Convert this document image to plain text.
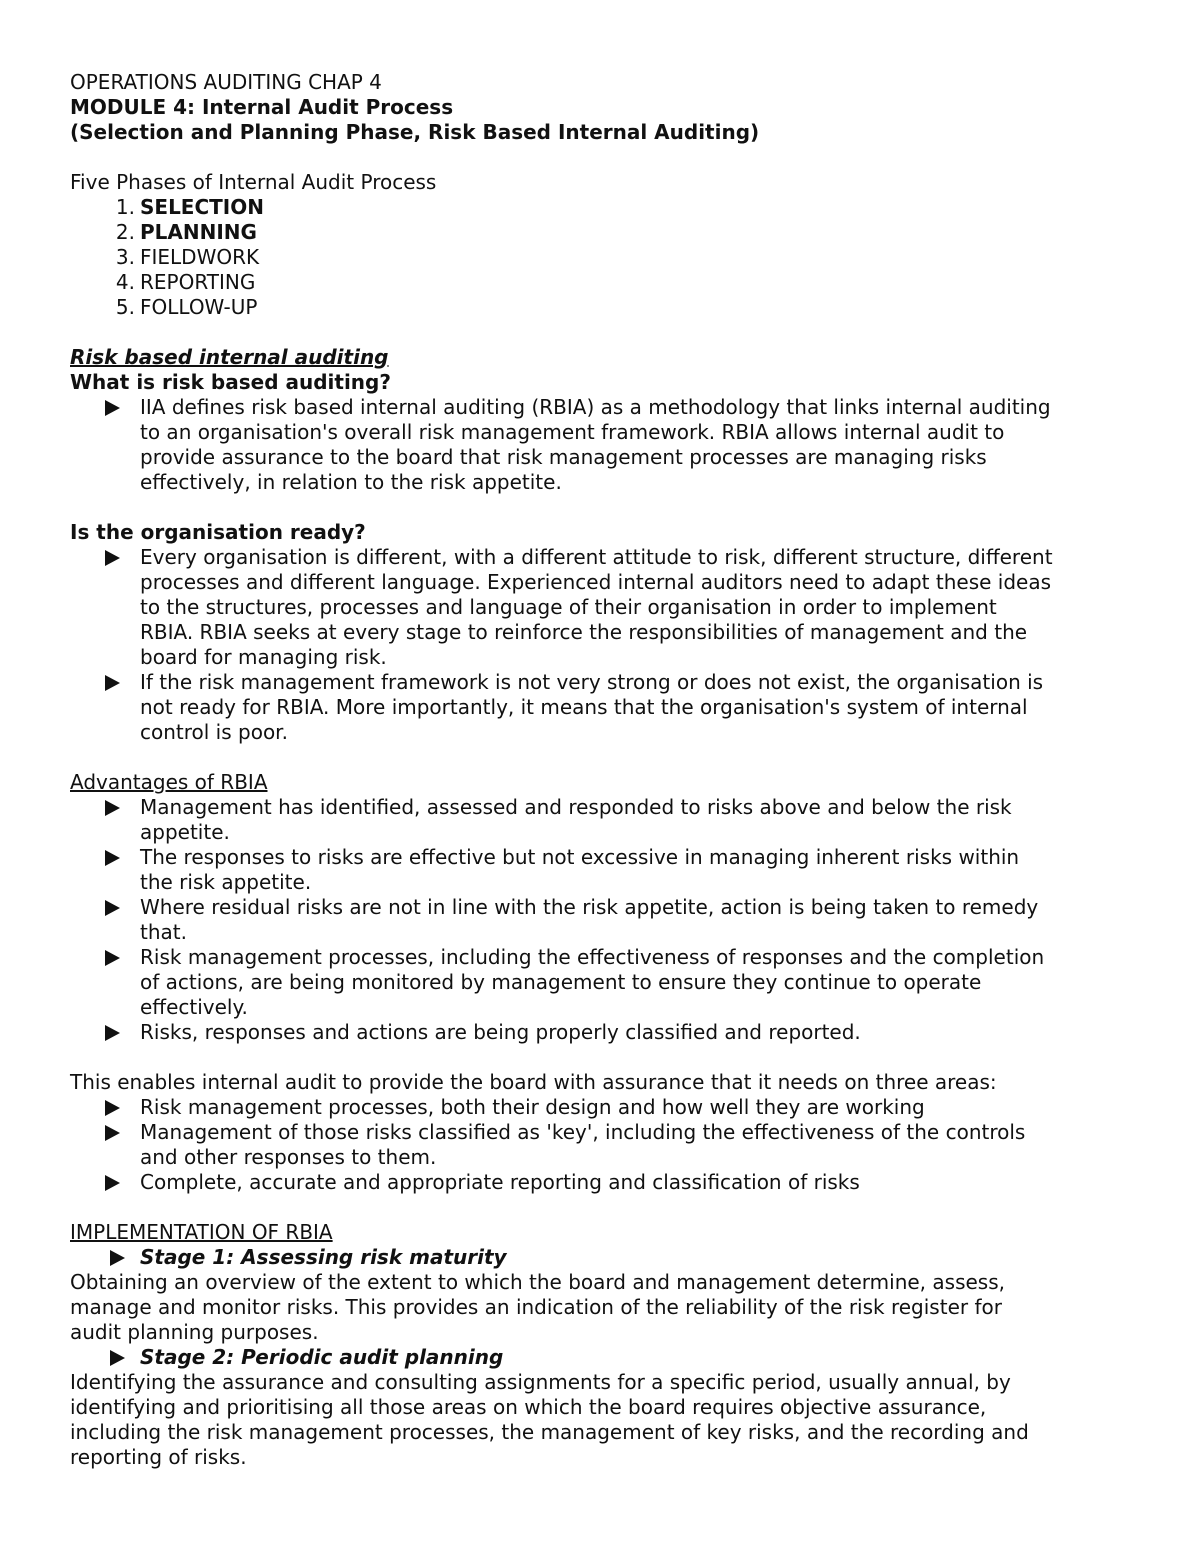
OPERATIONS AUDITING CHAP 4

MODULE 4: Internal Audit Process

(Selection and Planning Phase, Risk Based Internal Auditing)

Five Phases of Internal Audit Process

1. SELECTION
2. PLANNING
3. FIELDWORK
4. REPORTING
5. FOLLOW-UP

Risk based internal auditing

What is risk based auditing?

IIA defines risk based internal auditing (RBIA) as a methodology that links internal auditing
to an organisation's overall risk management framework. RBIA allows internal audit to
provide assurance to the board that risk management processes are managing risks
effectively, in relation to the risk appetite.

Is the organisation ready?

Every organisation is different, with a different attitude to risk, different structure, different
processes and different language. Experienced internal auditors need to adapt these ideas
to the structures, processes and language of their organisation in order to implement
RBIA. RBIA seeks at every stage to reinforce the responsibilities of management and the
board for managing risk.
If the risk management framework is not very strong or does not exist, the organisation is
not ready for RBIA. More importantly, it means that the organisation's system of internal
control is poor.

Advantages of RBIA

Management has identified, assessed and responded to risks above and below the risk
appetite.
The responses to risks are effective but not excessive in managing inherent risks within
the risk appetite.
Where residual risks are not in line with the risk appetite, action is being taken to remedy
that.
Risk management processes, including the effectiveness of responses and the completion
of actions, are being monitored by management to ensure they continue to operate
effectively.
Risks, responses and actions are being properly classified and reported.

This enables internal audit to provide the board with assurance that it needs on three areas:

Risk management processes, both their design and how well they are working
Management of those risks classified as 'key', including the effectiveness of the controls
and other responses to them.
Complete, accurate and appropriate reporting and classification of risks

IMPLEMENTATION OF RBIA

Stage 1: Assessing risk maturity

Obtaining an overview of the extent to which the board and management determine, assess,

manage and monitor risks. This provides an indication of the reliability of the risk register for

audit planning purposes.

Stage 2: Periodic audit planning

Identifying the assurance and consulting assignments for a specific period, usually annual, by

identifying and prioritising all those areas on which the board requires objective assurance,

including the risk management processes, the management of key risks, and the recording and

reporting of risks.
